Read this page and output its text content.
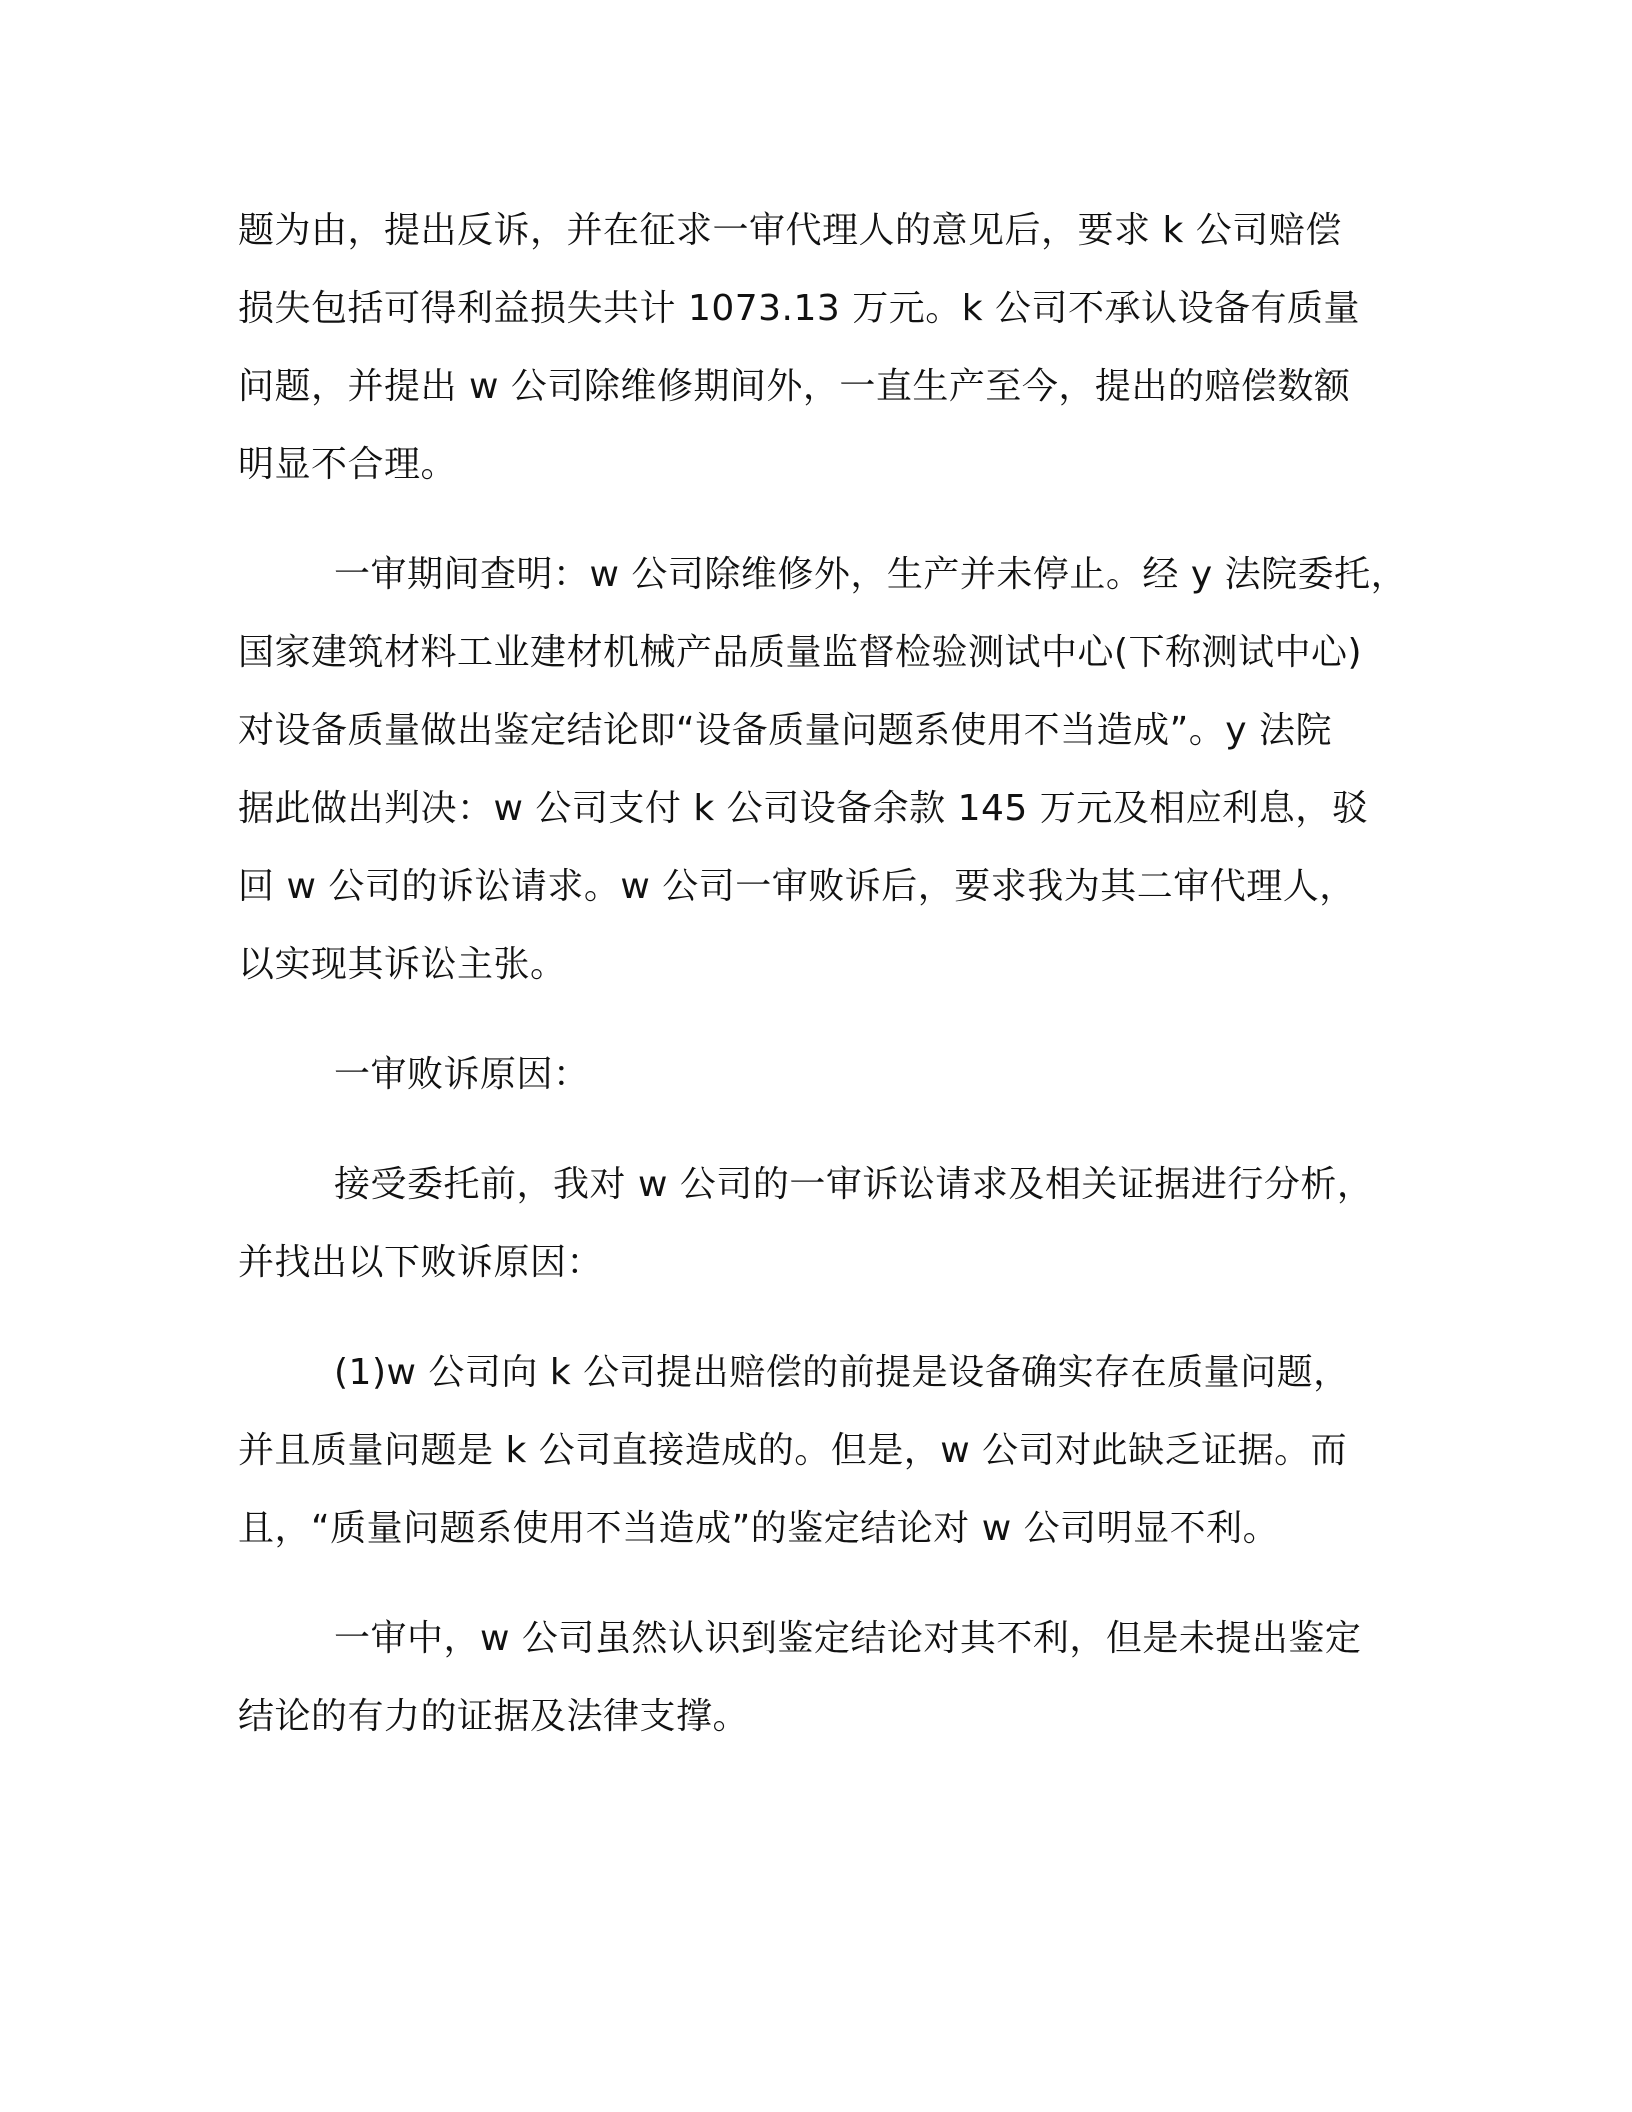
题为由，提出反诉，并在征求一审代理人的意见后，要求 k 公司赔偿
损失包括可得利益损失共计 1073.13 万元。k 公司不承认设备有质量
问题，并提出 w 公司除维修期间外，一直生产至今，提出的赔偿数额
明显不合理。

一审期间查明：w 公司除维修外，生产并未停止。经 y 法院委托，
国家建筑材料工业建材机械产品质量监督检验测试中心(下称测试中心)
对设备质量做出鉴定结论即“设备质量问题系使用不当造成”。y 法院
据此做出判决：w 公司支付 k 公司设备余款 145 万元及相应利息，驳
回 w 公司的诉讼请求。w 公司一审败诉后，要求我为其二审代理人，
以实现其诉讼主张。

一审败诉原因：

接受委托前，我对 w 公司的一审诉讼请求及相关证据进行分析，
并找出以下败诉原因：

(1)w 公司向 k 公司提出赔偿的前提是设备确实存在质量问题，
并且质量问题是 k 公司直接造成的。但是，w 公司对此缺乏证据。而
且，“质量问题系使用不当造成”的鉴定结论对 w 公司明显不利。

一审中，w 公司虽然认识到鉴定结论对其不利，但是未提出鉴定
结论的有力的证据及法律支撑。
